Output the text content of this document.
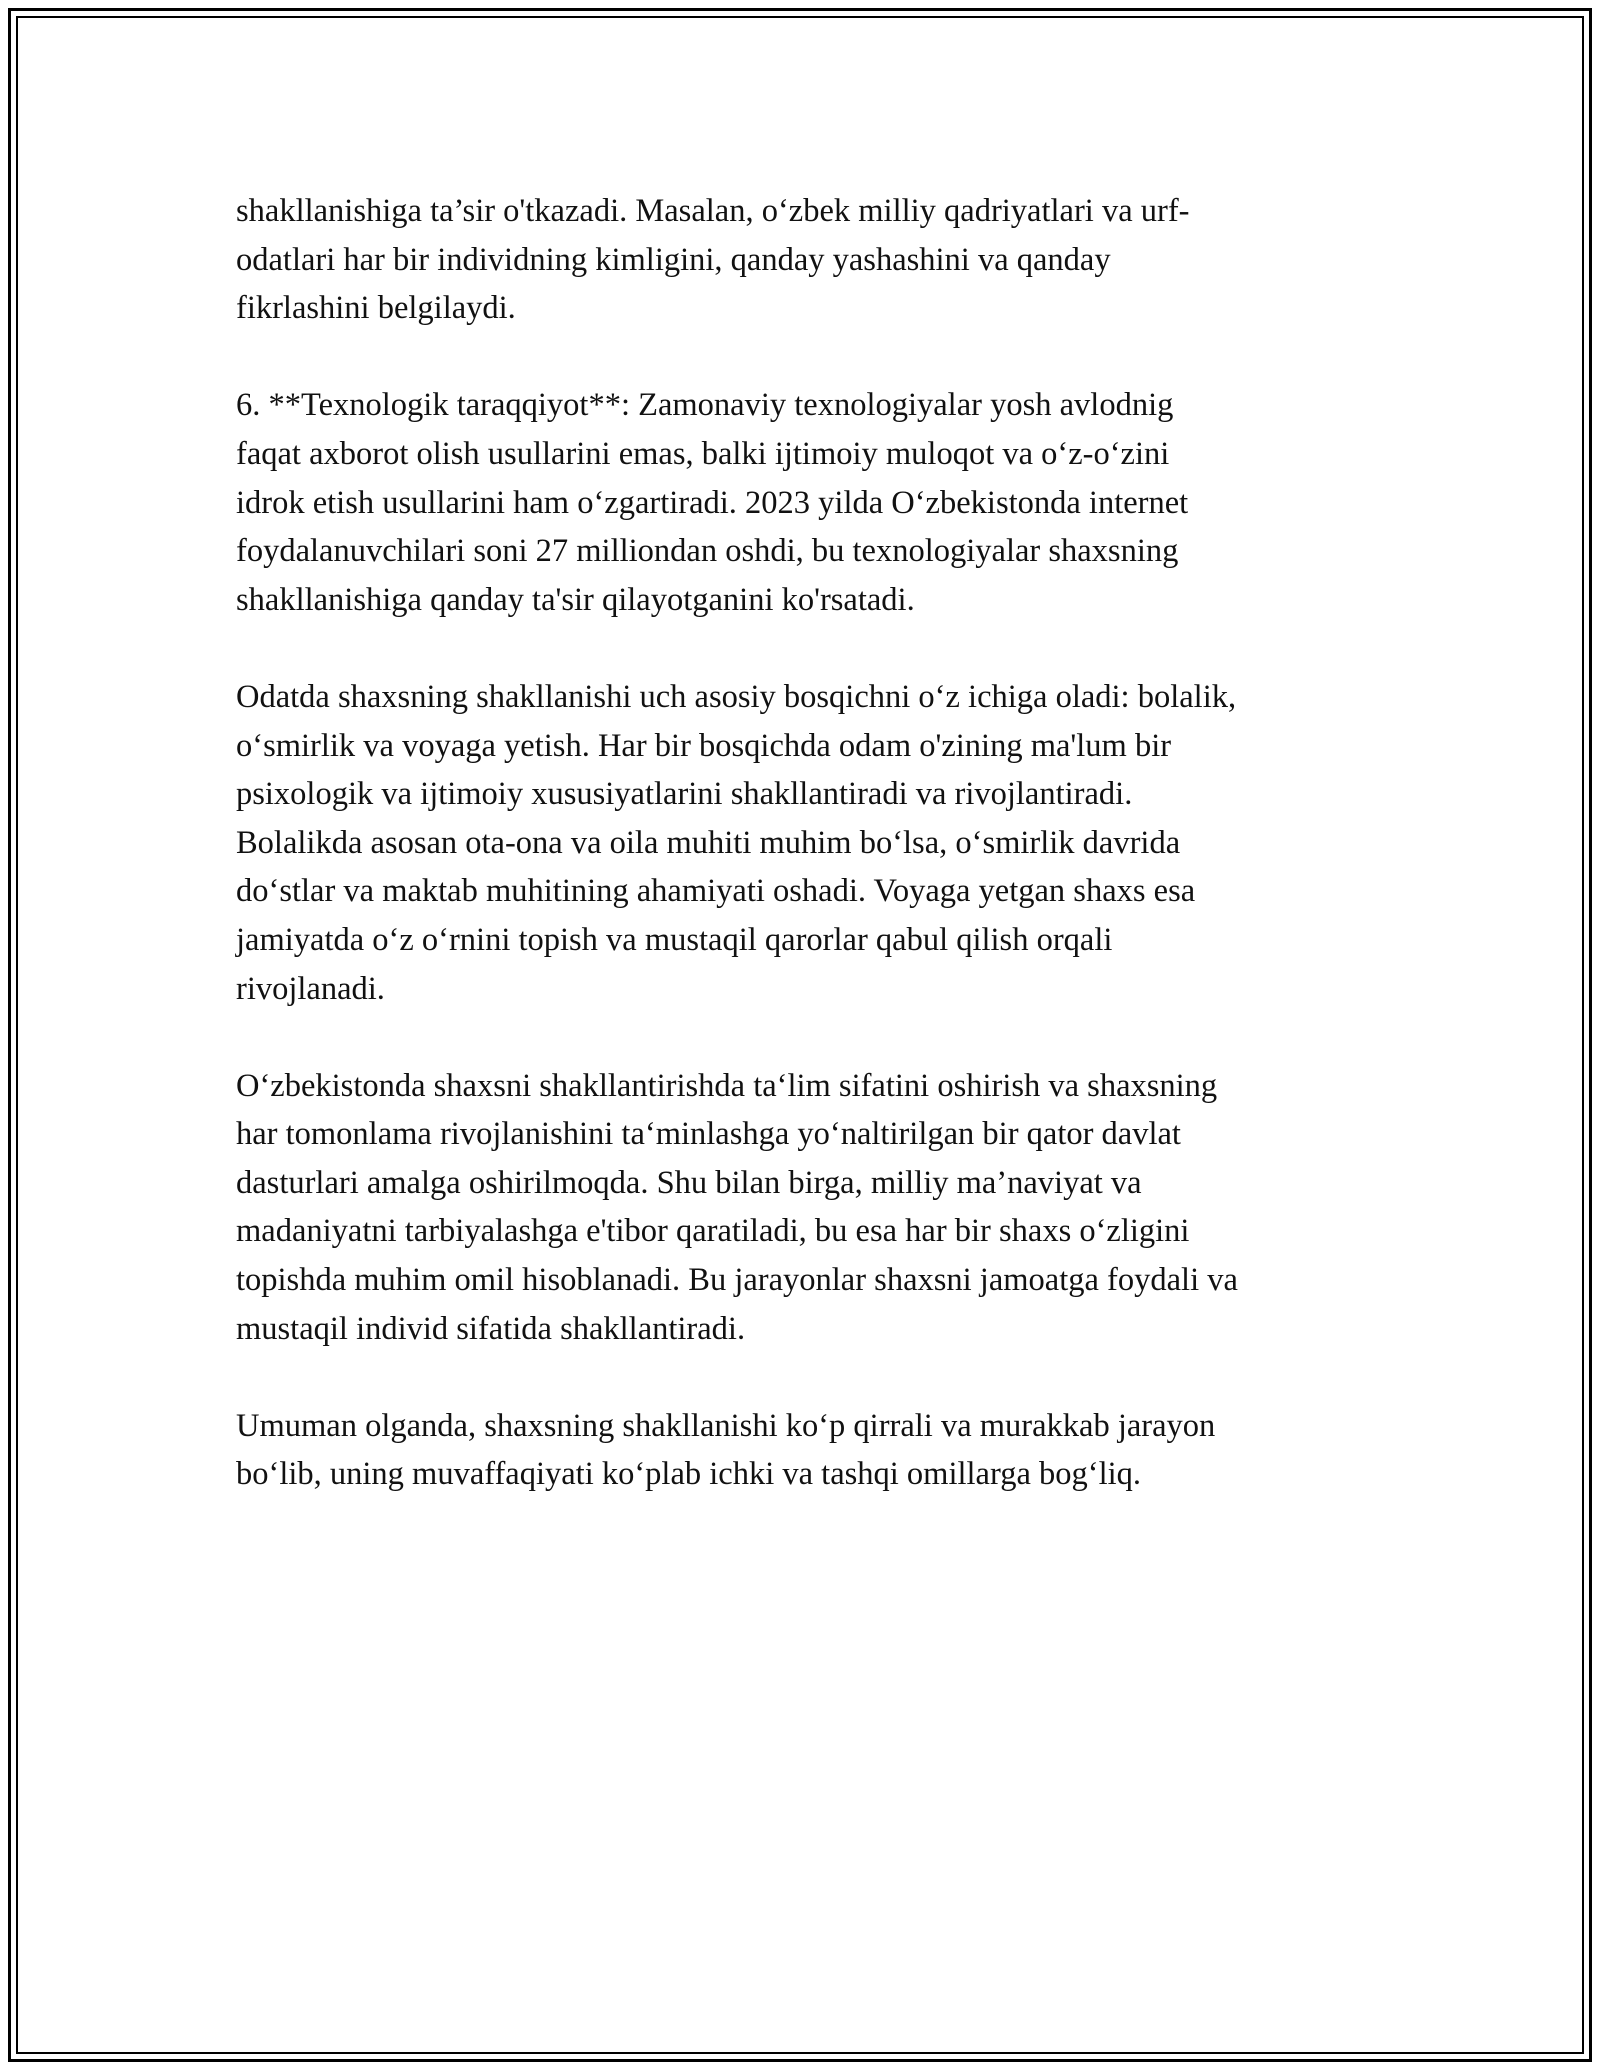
shakllanishiga ta’sir o'tkazadi. Masalan, oʻzbek milliy qadriyatlari va urf-
odatlari har bir individning kimligini, qanday yashashini va qanday
fikrlashini belgilaydi.

6. **Texnologik taraqqiyot**: Zamonaviy texnologiyalar yosh avlodnig
faqat axborot olish usullarini emas, balki ijtimoiy muloqot va oʻz-oʻzini
idrok etish usullarini ham oʻzgartiradi. 2023 yilda Oʻzbekistonda internet
foydalanuvchilari soni 27 milliondan oshdi, bu texnologiyalar shaxsning
shakllanishiga qanday ta'sir qilayotganini ko'rsatadi.

Odatda shaxsning shakllanishi uch asosiy bosqichni oʻz ichiga oladi: bolalik,
oʻsmirlik va voyaga yetish. Har bir bosqichda odam o'zining ma'lum bir
psixologik va ijtimoiy xususiyatlarini shakllantiradi va rivojlantiradi.
Bolalikda asosan ota-ona va oila muhiti muhim boʻlsa, oʻsmirlik davrida
doʻstlar va maktab muhitining ahamiyati oshadi. Voyaga yetgan shaxs esa
jamiyatda oʻz oʻrnini topish va mustaqil qarorlar qabul qilish orqali
rivojlanadi.

Oʻzbekistonda shaxsni shakllantirishda taʻlim sifatini oshirish va shaxsning
har tomonlama rivojlanishini taʻminlashga yoʻnaltirilgan bir qator davlat
dasturlari amalga oshirilmoqda. Shu bilan birga, milliy ma’naviyat va
madaniyatni tarbiyalashga e'tibor qaratiladi, bu esa har bir shaxs oʻzligini
topishda muhim omil hisoblanadi. Bu jarayonlar shaxsni jamoatga foydali va
mustaqil individ sifatida shakllantiradi.

Umuman olganda, shaxsning shakllanishi koʻp qirrali va murakkab jarayon
boʻlib, uning muvaffaqiyati koʻplab ichki va tashqi omillarga bogʻliq.
